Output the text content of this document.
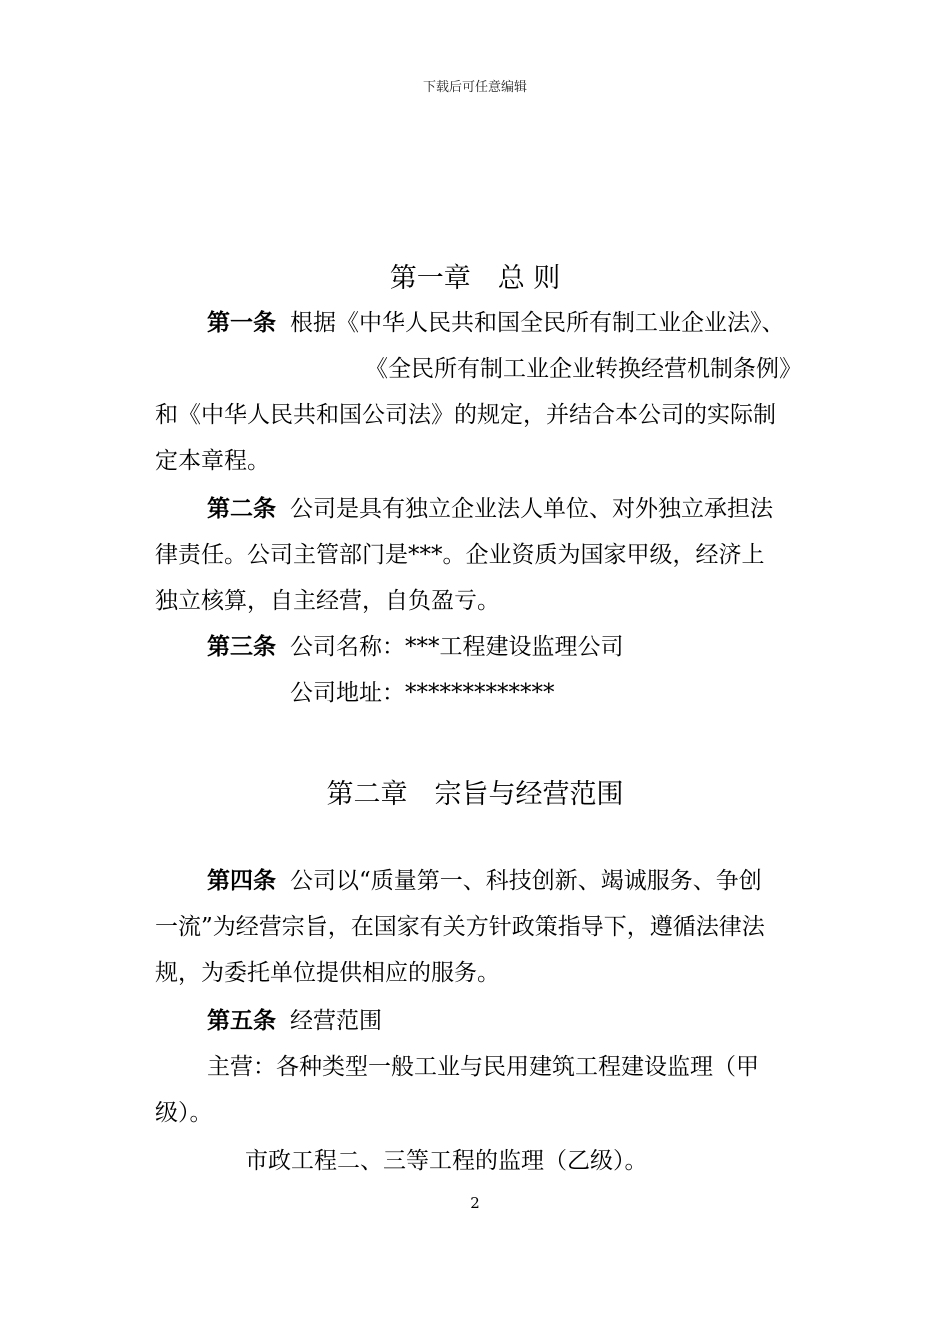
下载后可任意编辑
第一章　总 则
第一条 根据《中华人民共和国全民所有制工业企业法》、
《全民所有制工业企业转换经营机制条例》
和《中华人民共和国公司法》的规定，并结合本公司的实际制
定本章程。
第二条 公司是具有独立企业法人单位、对外独立承担法
律责任。公司主管部门是***。企业资质为国家甲级，经济上
独立核算，自主经营，自负盈亏。
第三条 公司名称：***工程建设监理公司
公司地址：*************
第二章　宗旨与经营范围
第四条 公司以“质量第一、科技创新、竭诚服务、争创
一流”为经营宗旨，在国家有关方针政策指导下，遵循法律法
规，为委托单位提供相应的服务。
第五条 经营范围
主营：各种类型一般工业与民用建筑工程建设监理（甲
级）。
市政工程二、三等工程的监理（乙级）。
2
